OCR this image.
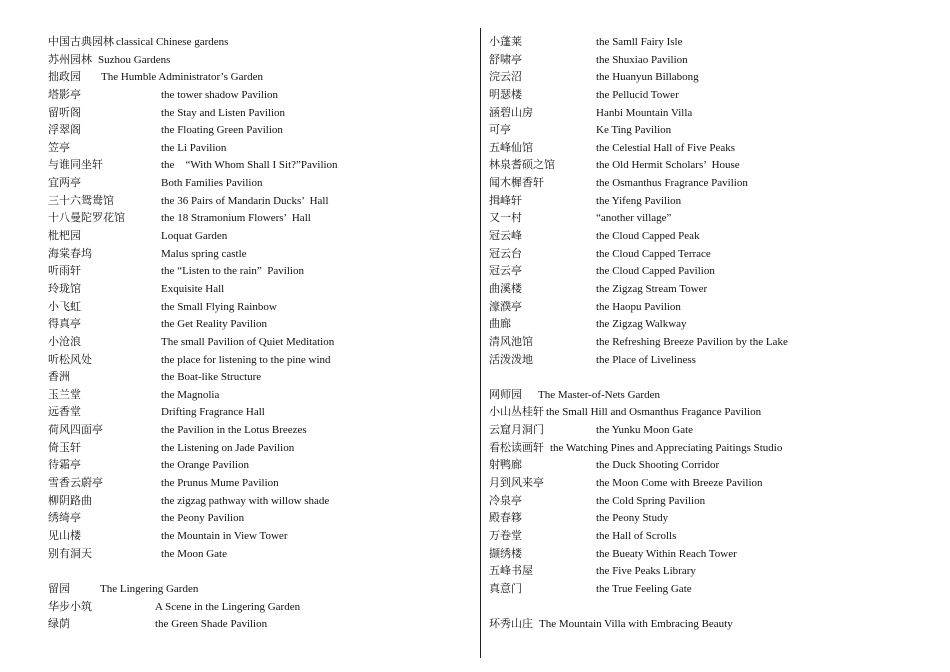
中国古典园林 classical Chinese gardens
苏州园林 Suzhou Gardens
拙政园 The Humble Administrator’s Garden
塔影亭	the tower shadow Pavilion
留听阁	the Stay and Listen Pavilion
浮翠阁	the Floating Green Pavilion
笠亭	the Li Pavilion
与谁同坐轩	the    “With Whom Shall I Sit?”Pavilion
宜两亭	Both Families Pavilion
三十六鸳鸯馆	the 36 Pairs of Mandarin Ducks’  Hall
十八曼陀罗花馆	the 18 Stramonium Flowers’  Hall
枇杷园	Loquat Garden
海棠春坞	Malus spring castle
听雨轩	the “Listen to the rain”  Pavilion
玲珑馆	Exquisite Hall
小飞虹	the Small Flying Rainbow
得真亭	the Get Reality Pavilion
小沧浪	The small Pavilion of Quiet Meditation
听松风处	the place for listening to the pine wind
香洲	the Boat-like Structure
玉兰堂	the Magnolia
远香堂	Drifting Fragrance Hall
荷风四面亭	the Pavilion in the Lotus Breezes
倚玉轩	the Listening on Jade Pavilion
待霜亭	the Orange Pavilion
雪香云蔚亭	the Prunus Mume Pavilion
柳阴路曲	the zigzag pathway with willow shade
绣绮亭	the Peony Pavilion
见山楼	the Mountain in View Tower
别有洞天	the Moon Gate
留园	The Lingering Garden
华步小筑	A Scene in the Lingering Garden
绿荫	the Green Shade Pavilion
小蓬莱	the Samll Fairy Isle
舒啸亭	the Shuxiao Pavilion
浣云沼	the Huanyun Billabong
明瑟楼	the Pellucid Tower
涵碧山房	Hanbi Mountain Villa
可亭	Ke Ting Pavilion
五峰仙馆	the Celestial Hall of Five Peaks
林泉耆硕之馆	the Old Hermit Scholars’  House
闻木樨香轩	the Osmanthus Fragrance Pavilion
揖峰轩	the Yifeng Pavilion
又一村	“another village”
冠云峰	the Cloud Capped Peak
冠云台	the Cloud Capped Terrace
冠云亭	the Cloud Capped Pavilion
曲溪楼	the Zigzag Stream Tower
濠濮亭	the Haopu Pavilion
曲廊	the Zigzag Walkway
清风池馆	the Refreshing Breeze Pavilion by the Lake
活泼泼地	the Place of Liveliness
网师园 The Master-of-Nets Garden
小山丛桂轩 the Small Hill and Osmanthus Fragance Pavilion
云窟月洞门	the Yunku Moon Gate
看松读画轩 the Watching Pines and Appreciating Paitings Studio
射鸭廊	the Duck Shooting Corridor
月到风来亭	the Moon Come with Breeze Pavilion
冷泉亭	the Cold Spring Pavilion
殿春簃	the Peony Study
万卷堂	the Hall of Scrolls
撷绣楼	the Bueaty Within Reach Tower
五峰书屋	the Five Peaks Library
真意门	the True Feeling Gate
环秀山庄 The Mountain Villa with Embracing Beauty
